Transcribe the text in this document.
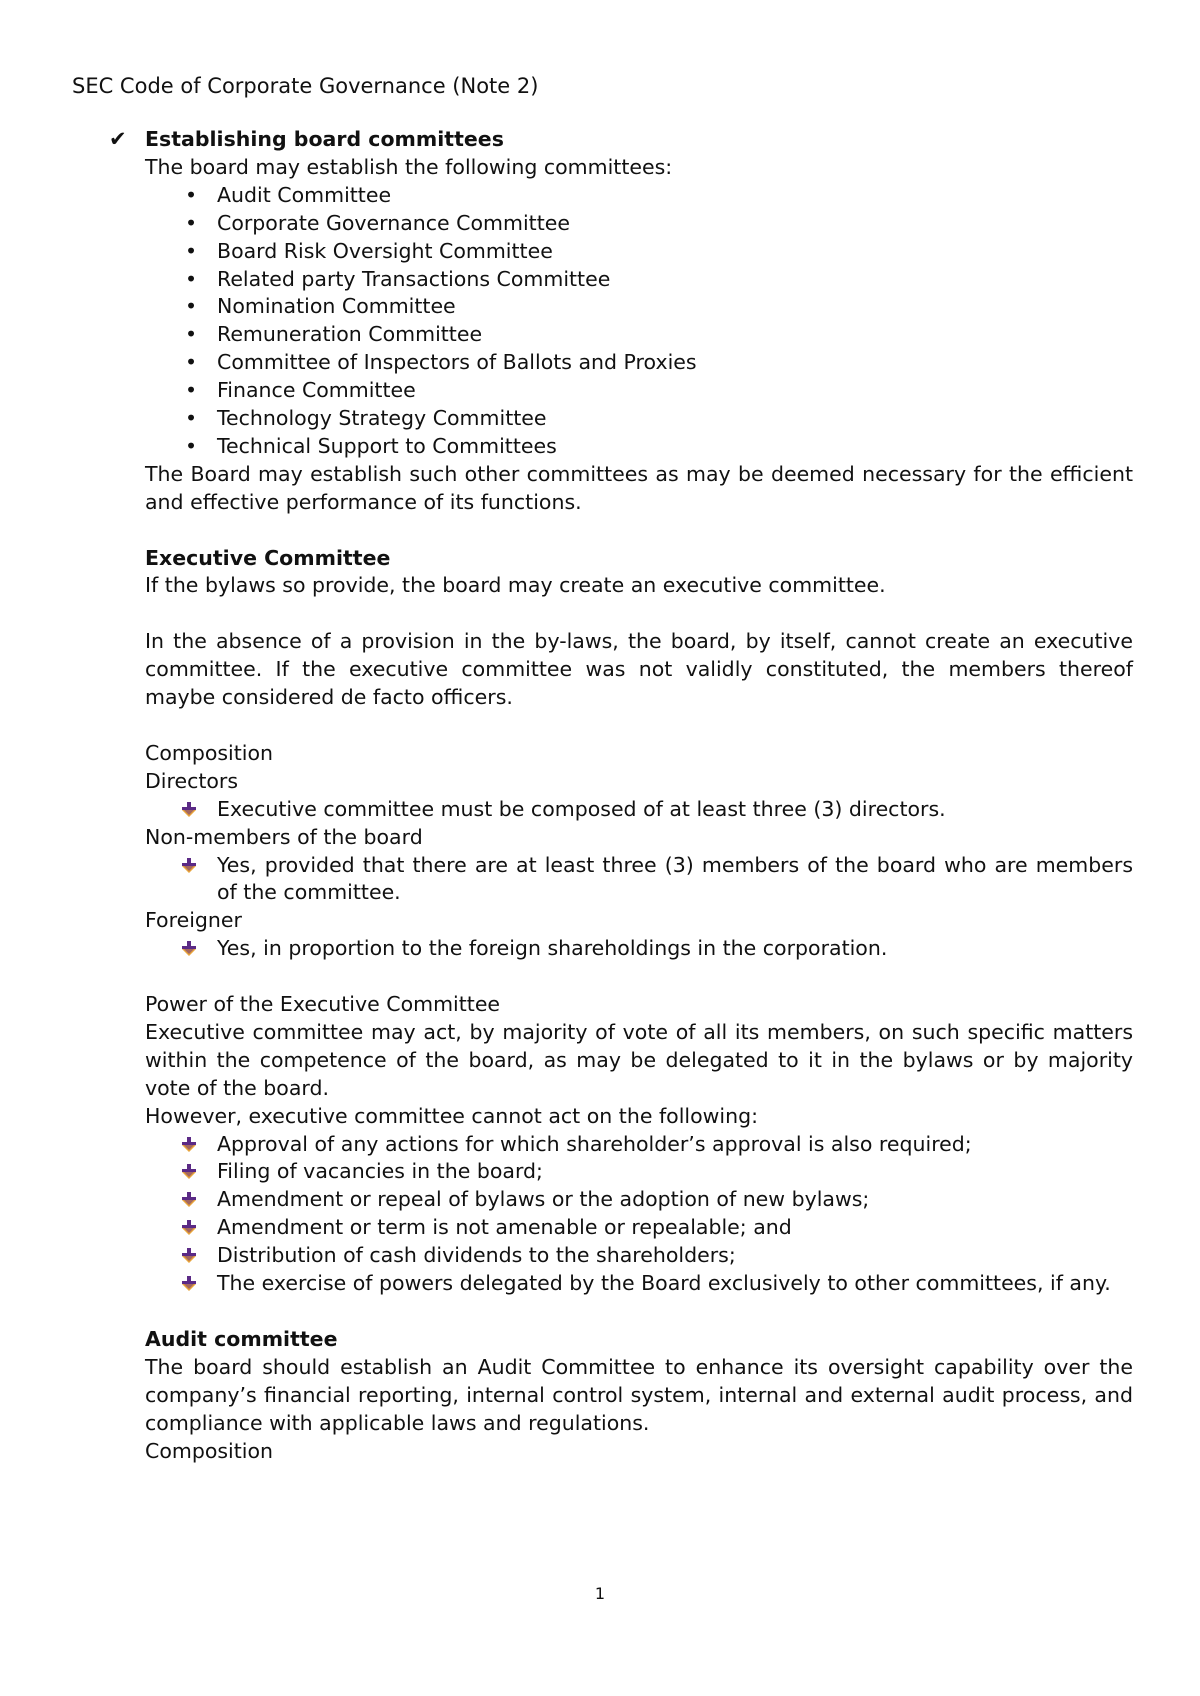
SEC Code of Corporate Governance (Note 2)
✔ Establishing board committees

The board may establish the following committees:

• Audit Committee
• Corporate Governance Committee
• Board Risk Oversight Committee
• Related party Transactions Committee
• Nomination Committee
• Remuneration Committee
• Committee of Inspectors of Ballots and Proxies
• Finance Committee
• Technology Strategy Committee
• Technical Support to Committees

The Board may establish such other committees as may be deemed necessary for the efficient and effective performance of its functions.

Executive Committee

If the bylaws so provide, the board may create an executive committee.

In the absence of a provision in the by-laws, the board, by itself, cannot create an executive committee. If the executive committee was not validly constituted, the members thereof maybe considered de facto officers.

Composition

Directors

Executive committee must be composed of at least three (3) directors.

Non-members of the board

Yes, provided that there are at least three (3) members of the board who are members of the committee.

Foreigner

Yes, in proportion to the foreign shareholdings in the corporation.

Power of the Executive Committee

Executive committee may act, by majority of vote of all its members, on such specific matters within the competence of the board, as may be delegated to it in the bylaws or by majority vote of the board.

However, executive committee cannot act on the following:

Approval of any actions for which shareholder’s approval is also required;
Filing of vacancies in the board;
Amendment or repeal of bylaws or the adoption of new bylaws;
Amendment or term is not amenable or repealable; and
Distribution of cash dividends to the shareholders;
The exercise of powers delegated by the Board exclusively to other committees, if any.

Audit committee

The board should establish an Audit Committee to enhance its oversight capability over the company’s financial reporting, internal control system, internal and external audit process, and compliance with applicable laws and regulations.

Composition

1
